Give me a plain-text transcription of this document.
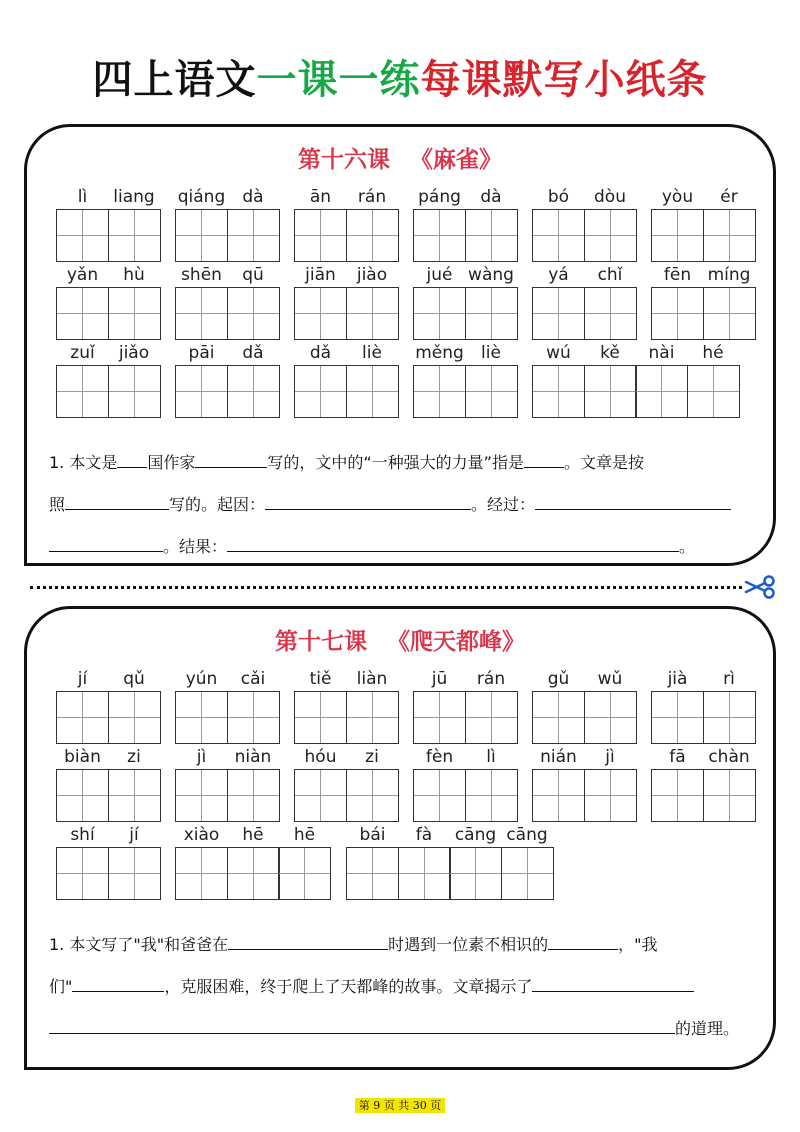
四上语文一课一练每课默写小纸条
第十六课 《麻雀》
lì	liang	qiáng	dà	ān	rán	páng	dà	bó	dòu	yòu	ér
yǎn	hù	shēn	qū	jiān	jiào	jué wàng	yá	chǐ	fēn míng
zuǐ	jiǎo	pāi	dǎ	dǎ	liè	měng	liè	wú	kě	nài	hé
1. 本文是 国作家	写的，文中的“一种强大的力量”指是	。文章是按
照	写的。起因：	。经过：
。结果：	。
第十七课 《爬天都峰》
jí	qǔ	yún	cǎi	tiě	liàn	jū	rán	gǔ	wǔ	jià	rì
biàn	zi	jì	niàn	hóu	zi	fèn	lì	nián	jì	fā	chàn
shí	jí	xiào	hē	hē	bái	fà	cāng cāng
1. 本文写了"我"和爸爸在	时遇到一位素不相识的	，"我
们"	，克服困难，终于爬上了天都峰的故事。文章揭示了
的道理。
第 9 页 共 30 页
